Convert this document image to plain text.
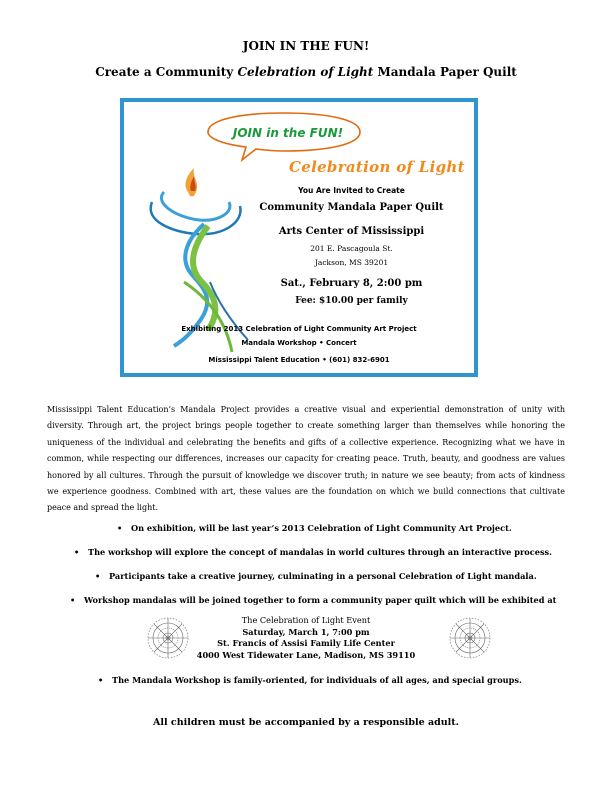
JOIN IN THE FUN!
Create a Community Celebration of Light Mandala Paper Quilt
JOIN in the FUN!
Celebration of Light
You Are Invited to Create
Community Mandala Paper Quilt
Arts Center of Mississippi
201 E. Pascagoula St.
Jackson, MS 39201
Sat., February 8, 2:00 pm
Fee: $10.00 per family
Exhibiting 2013 Celebration of Light Community Art Project
Mandala Workshop • Concert
Mississippi Talent Education • (601) 832-6901
Mississippi Talent Education’s Mandala Project provides a creative visual and experiential demonstration of unity with diversity. Through art, the project brings people together to create something larger than themselves while honoring the uniqueness of the individual and celebrating the benefits and gifts of a collective experience. Recognizing what we have in common, while respecting our differences, increases our capacity for creating peace. Truth, beauty, and goodness are values honored by all cultures. Through the pursuit of knowledge we discover truth; in nature we see beauty; from acts of kindness we experience goodness. Combined with art, these values are the foundation on which we build connections that cultivate peace and spread the light.
• On exhibition, will be last year’s 2013 Celebration of Light Community Art Project.
• The workshop will explore the concept of mandalas in world cultures through an interactive process.
• Participants take a creative journey, culminating in a personal Celebration of Light mandala.
• Workshop mandalas will be joined together to form a community paper quilt which will be exhibited at
The Celebration of Light Event
Saturday, March 1, 7:00 pm
St. Francis of Assisi Family Life Center
4000 West Tidewater Lane, Madison, MS 39110
• The Mandala Workshop is family-oriented, for individuals of all ages, and special groups.
All children must be accompanied by a responsible adult.
